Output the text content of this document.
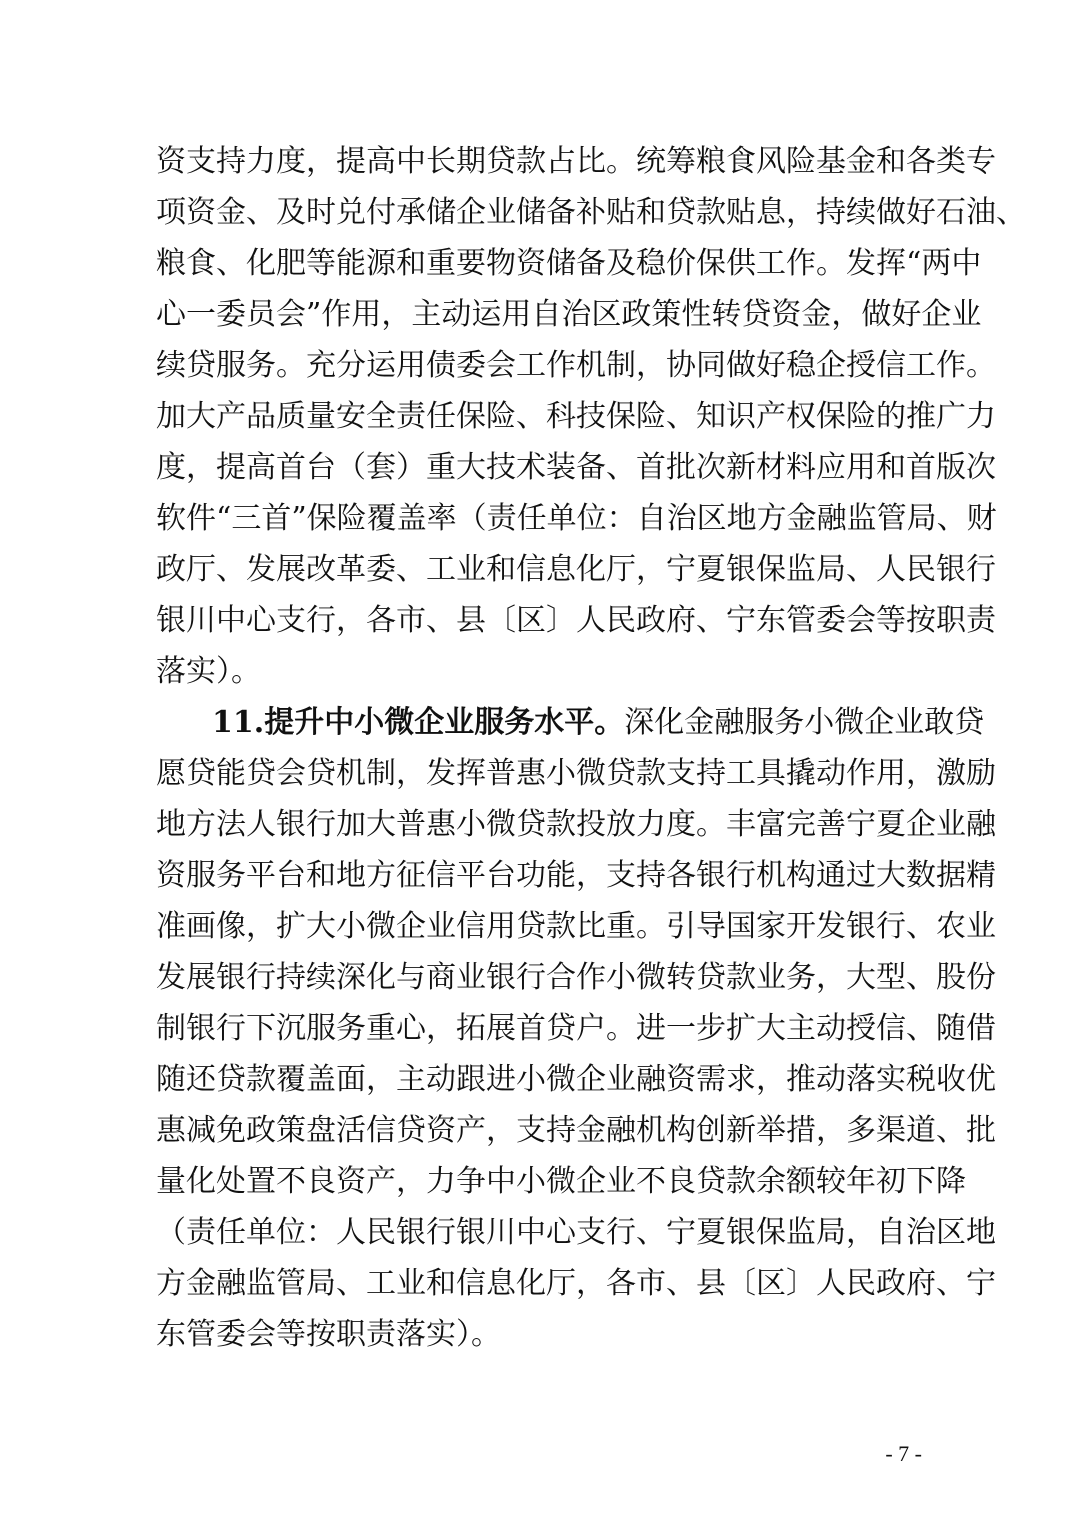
资支持力度，提高中长期贷款占比。统筹粮食风险基金和各类专
项资金、及时兑付承储企业储备补贴和贷款贴息，持续做好石油、
粮食、化肥等能源和重要物资储备及稳价保供工作。发挥“两中
心一委员会”作用，主动运用自治区政策性转贷资金，做好企业
续贷服务。充分运用债委会工作机制，协同做好稳企授信工作。
加大产品质量安全责任保险、科技保险、知识产权保险的推广力
度，提高首台（套）重大技术装备、首批次新材料应用和首版次
软件“三首”保险覆盖率（责任单位：自治区地方金融监管局、财
政厅、发展改革委、工业和信息化厅，宁夏银保监局、人民银行
银川中心支行，各市、县〔区〕人民政府、宁东管委会等按职责
落实）。
11.提升中小微企业服务水平。深化金融服务小微企业敢贷
愿贷能贷会贷机制，发挥普惠小微贷款支持工具撬动作用，激励
地方法人银行加大普惠小微贷款投放力度。丰富完善宁夏企业融
资服务平台和地方征信平台功能，支持各银行机构通过大数据精
准画像，扩大小微企业信用贷款比重。引导国家开发银行、农业
发展银行持续深化与商业银行合作小微转贷款业务，大型、股份
制银行下沉服务重心，拓展首贷户。进一步扩大主动授信、随借
随还贷款覆盖面，主动跟进小微企业融资需求，推动落实税收优
惠减免政策盘活信贷资产，支持金融机构创新举措，多渠道、批
量化处置不良资产，力争中小微企业不良贷款余额较年初下降
（责任单位：人民银行银川中心支行、宁夏银保监局，自治区地
方金融监管局、工业和信息化厅，各市、县〔区〕人民政府、宁
东管委会等按职责落实）。
- 7 -
